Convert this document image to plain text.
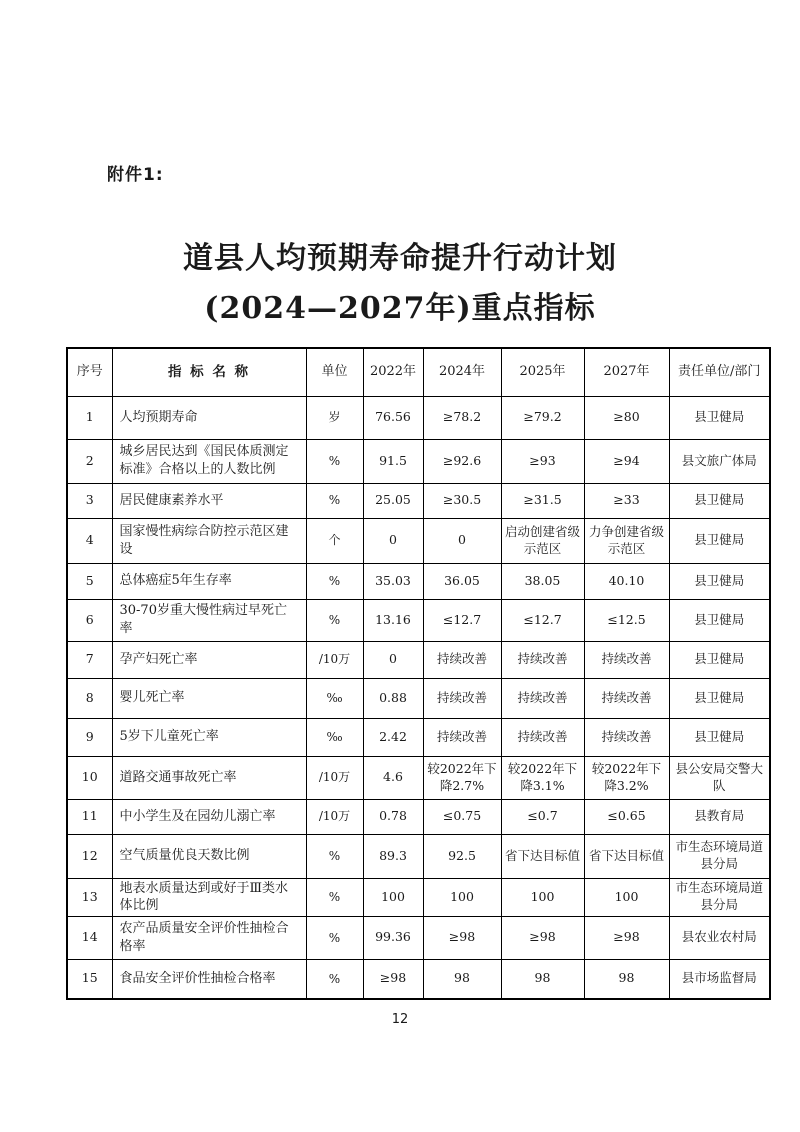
附件1:
道县人均预期寿命提升行动计划
(2024—2027年)重点指标
序号	指 标 名 称	单位	2022年	2024年	2025年	2027年	责任单位/部门
1	人均预期寿命	岁	76.56	≥78.2	≥79.2	≥80	县卫健局
2	城乡居民达到《国民体质测定标准》合格以上的人数比例	%	91.5	≥92.6	≥93	≥94	县文旅广体局
3	居民健康素养水平	%	25.05	≥30.5	≥31.5	≥33	县卫健局
4	国家慢性病综合防控示范区建设	个	0	0	启动创建省级示范区	力争创建省级示范区	县卫健局
5	总体癌症5年生存率	%	35.03	36.05	38.05	40.10	县卫健局
6	30-70岁重大慢性病过早死亡率	%	13.16	≤12.7	≤12.7	≤12.5	县卫健局
7	孕产妇死亡率	/10万	0	持续改善	持续改善	持续改善	县卫健局
8	婴儿死亡率	‰	0.88	持续改善	持续改善	持续改善	县卫健局
9	5岁下儿童死亡率	‰	2.42	持续改善	持续改善	持续改善	县卫健局
10	道路交通事故死亡率	/10万	4.6	较2022年下降2.7%	较2022年下降3.1%	较2022年下降3.2%	县公安局交警大队
11	中小学生及在园幼儿溺亡率	/10万	0.78	≤0.75	≤0.7	≤0.65	县教育局
12	空气质量优良天数比例	%	89.3	92.5	省下达目标值	省下达目标值	市生态环境局道县分局
13	地表水质量达到或好于Ⅲ类水体比例	%	100	100	100	100	市生态环境局道县分局
14	农产品质量安全评价性抽检合格率	%	99.36	≥98	≥98	≥98	县农业农村局
15	食品安全评价性抽检合格率	%	≥98	98	98	98	县市场监督局
12
